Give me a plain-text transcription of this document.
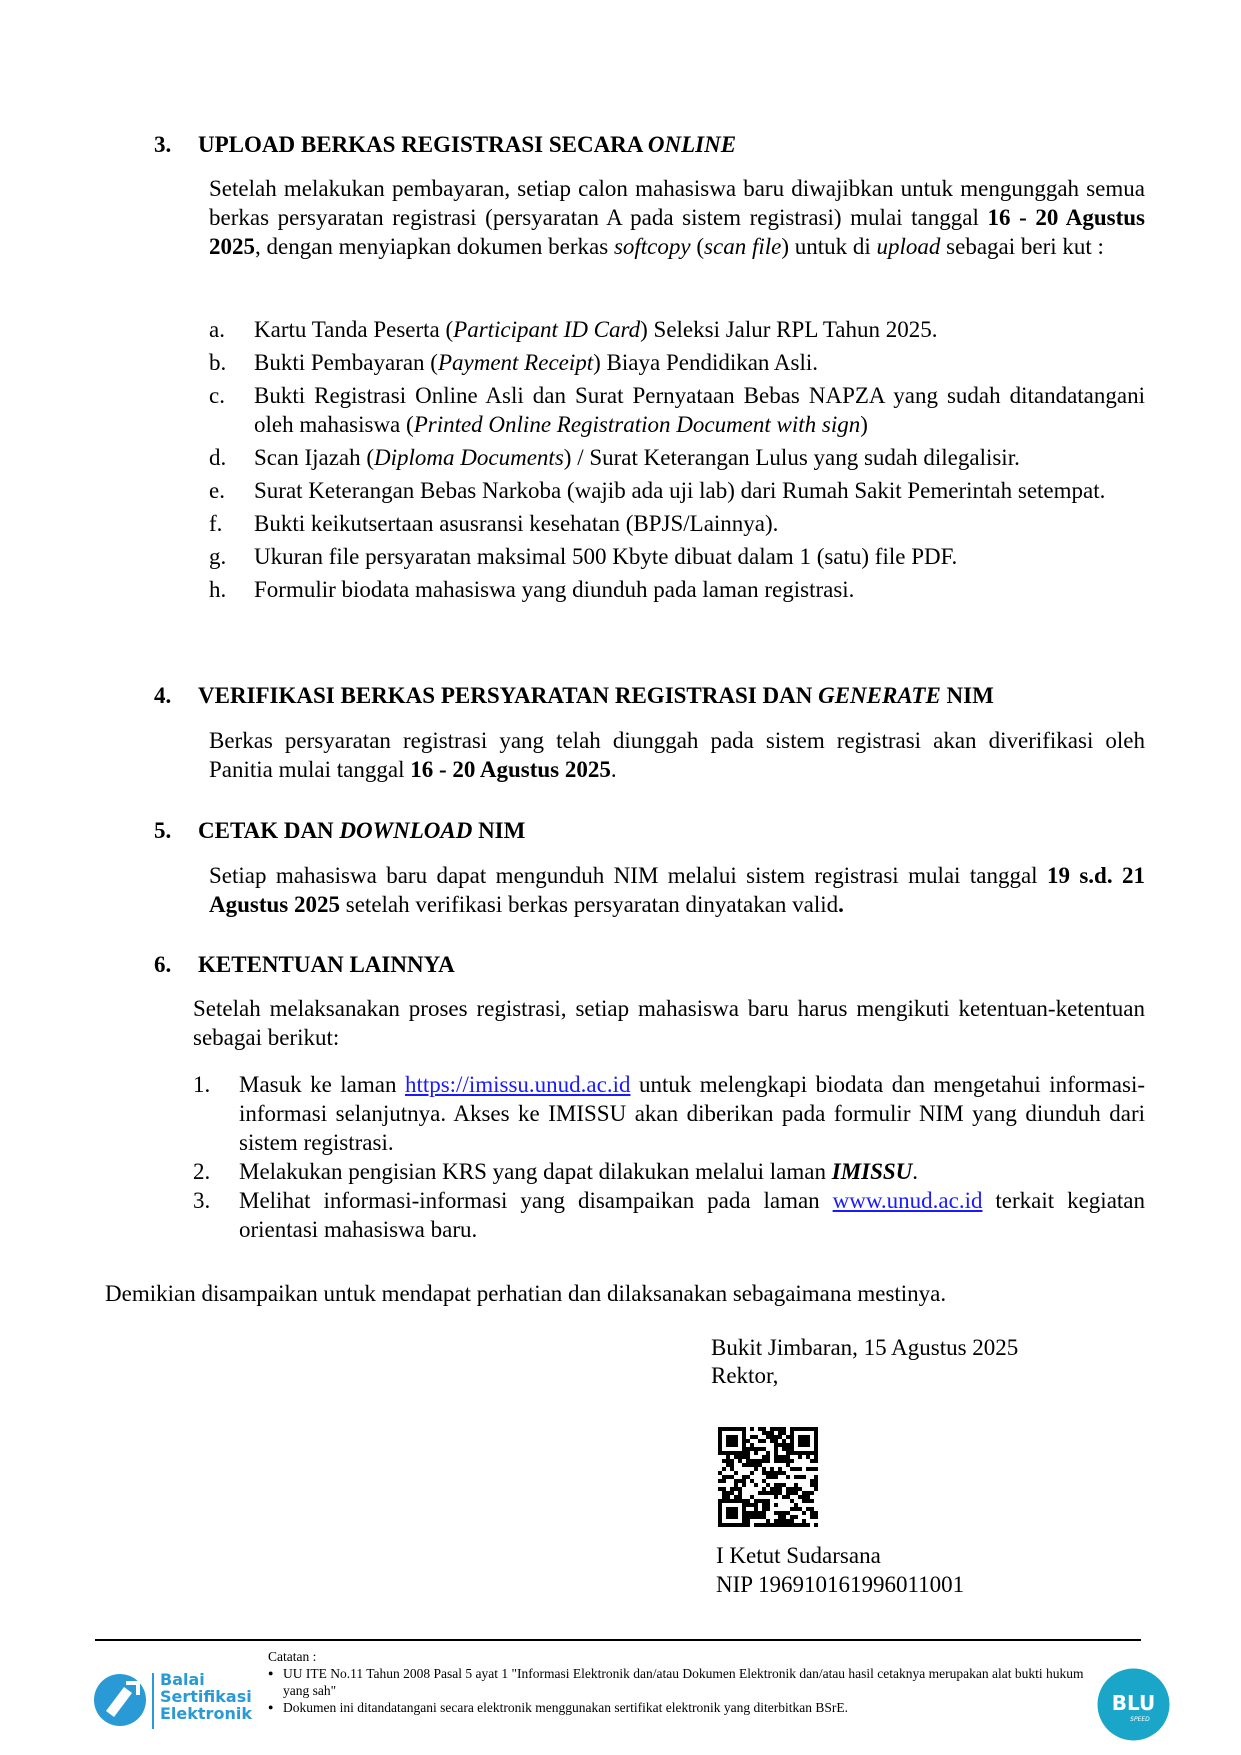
3. UPLOAD BERKAS REGISTRASI SECARA ONLINE
Setelah melakukan pembayaran, setiap calon mahasiswa baru diwajibkan untuk mengunggah semua berkas persyaratan registrasi (persyaratan A pada sistem registrasi) mulai tanggal 16 - 20 Agustus 2025, dengan menyiapkan dokumen berkas softcopy (scan file) untuk di upload sebagai beri kut :
a. Kartu Tanda Peserta (Participant ID Card) Seleksi Jalur RPL Tahun 2025.
b. Bukti Pembayaran (Payment Receipt) Biaya Pendidikan Asli.
c. Bukti Registrasi Online Asli dan Surat Pernyataan Bebas NAPZA yang sudah ditandatangani oleh mahasiswa (Printed Online Registration Document with sign)
d. Scan Ijazah (Diploma Documents) / Surat Keterangan Lulus yang sudah dilegalisir.
e. Surat Keterangan Bebas Narkoba (wajib ada uji lab) dari Rumah Sakit Pemerintah setempat.
f. Bukti keikutsertaan asusransi kesehatan (BPJS/Lainnya).
g. Ukuran file persyaratan maksimal 500 Kbyte dibuat dalam 1 (satu) file PDF.
h. Formulir biodata mahasiswa yang diunduh pada laman registrasi.
4. VERIFIKASI BERKAS PERSYARATAN REGISTRASI DAN GENERATE NIM
Berkas persyaratan registrasi yang telah diunggah pada sistem registrasi akan diverifikasi oleh Panitia mulai tanggal 16 - 20 Agustus 2025.
5. CETAK DAN DOWNLOAD NIM
Setiap mahasiswa baru dapat mengunduh NIM melalui sistem registrasi mulai tanggal 19 s.d. 21 Agustus 2025 setelah verifikasi berkas persyaratan dinyatakan valid.
6. KETENTUAN LAINNYA
Setelah melaksanakan proses registrasi, setiap mahasiswa baru harus mengikuti ketentuan-ketentuan sebagai berikut:
1. Masuk ke laman https://imissu.unud.ac.id untuk melengkapi biodata dan mengetahui informasi-informasi selanjutnya. Akses ke IMISSU akan diberikan pada formulir NIM yang diunduh dari sistem registrasi.
2. Melakukan pengisian KRS yang dapat dilakukan melalui laman IMISSU.
3. Melihat informasi-informasi yang disampaikan pada laman www.unud.ac.id terkait kegiatan orientasi mahasiswa baru.
Demikian disampaikan untuk mendapat perhatian dan dilaksanakan sebagaimana mestinya.
Bukit Jimbaran, 15 Agustus 2025
Rektor,
I Ketut Sudarsana
NIP 196910161996011001
Balai
Sertifikasi
Elektronik
Catatan :
● UU ITE No.11 Tahun 2008 Pasal 5 ayat 1 "Informasi Elektronik dan/atau Dokumen Elektronik dan/atau hasil cetaknya merupakan alat bukti hukum yang sah"
● Dokumen ini ditandatangani secara elektronik menggunakan sertifikat elektronik yang diterbitkan BSrE.	BLU
SPEED
